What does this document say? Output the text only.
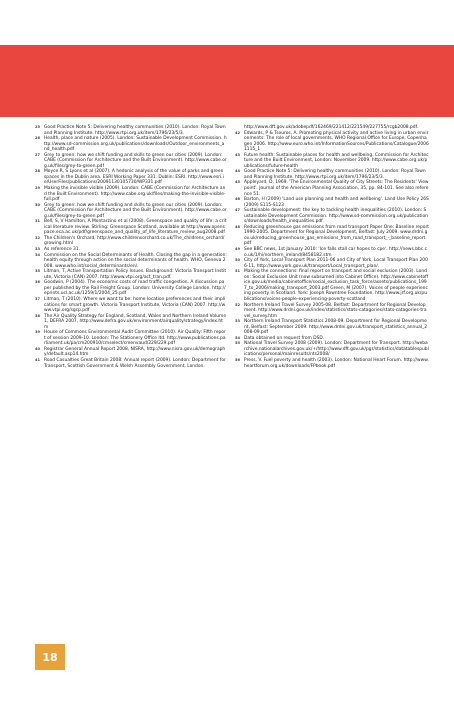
25 Good Practice Note 5: Delivering healthy communities (2010). London: Royal Town and Planning Institute. http://www.rtpi.org.uk/item/1796/23/5/3.
26 Health, place and nature (2005). London: Sustainable Development Commission. http://www.sd-commission.org.uk/publications/downloads/Outdoor_environments_and_health.pdf
27 Grey to green: how we shift funding and skills to green our cities (2009). London: CABE (Commission for Architecture and the Built Environment). http://www.cabe.org.uk/files/grey-to-green.pdf
28 Moyce R, S Lyons et al (2007). A hedonic analysis of the value of parks and green spaces in the Dublin area. ESRI Working Paper 331. Dublin: ESRI. http://www.esri.ie/UserFiles/publications/20091130105730/WP331.pdf
29 Making the invisible visible (2009). London: CABE (Commission for Architecture and the Built Environment). http://www.cabe.org.uk/files/making-the-invisible-visible-full.pdf
30 Grey to green: how we shift funding and skills to green our cities (2009). London: CABE (Commission for Architecture and the Built Environment). http://www.cabe.org.uk/files/grey-to-green.pdf
31 Bell, S, V Hamilton, A Montarzino et al (2008). Greenspace and quality of life: a critical literature review. Stirling: Greenspace Scotland, available at http://www.openspace.eca.ac.uk/pdf/greenspace_and_quality_of_life_literature_review_aug2008.pdf
32 The Children's Orchard, http://www.childrensorchard.co.uk/The_childrens_orchard/growing.html
33 As reference 31.
34 Commission on the Social Determinants of Health. Closing the gap in a generation: health equity through action on the social determinants of health. WHO, Geneva 2008. www.who.int/social_determinants/en/.
35 Litman, T, Active Transportation Policy Issues. Background: Victoria Transport Institute, Victoria (CAN) 2007. http://www.vtpi.org/act_tran.pdf.
36 Goodwin, P (2004). The economic costs of road traffic congestion. A discussion paper published by the Rail Freight Group. London: University College London. http://eprints.ucl.ac.uk/1259/1/2004_25.pdf
37 Litman, T (2010). Where we want to be: home location preferences and their implications for smart growth. Victoria Transport Institute, Victoria (CAN) 2007. http://www.vtpi.org/sgcp.pdf
38 The Air Quality Strategy for England, Scotland, Wales and Northern Ireland Volume 1, DEFRA 2007, http://www.defra.gov.uk/environment/airquality/strategy/index.htm
39 House of Commons Environmental Audit Committee (2010). Air Quality: Fifth report of session 2009-10. London: The Stationery Office ltd. http://www.publications.parliament.uk/pa/cm200910/cmselect/cmenvaud/229/229.pdf
40 Registrar General Annual Report 2008, NISRA, http://www.nisra.gov.uk/demography/default.asp14.htm
41 Road Casualties Great Britain 2008: Annual report (2009). London: Department for Transport, Scottish Government & Welsh Assembly Government, London.
http://www.dft.gov.uk/adobepdf/162469/221412/221549/227755/rcgb2008.pdf.
42 Edwards, P & Tsouros, A. Promoting physical activity and active living in urban environments: The role of local governments. WHO Regional Office for Europe, Copenhagen 2006. http://www.euro.who.int/InformationSources/Publications/Catalogue/20061115_1
43 Future health: Sustainable places for health and wellbeing. Commission for Architecture and the Built Environment, London: November 2009. http://www.cabe.org.uk/publications/future-health
44 Good Practice Note 5: Delivering healthy communities (2010). London: Royal Town and Planning Institute. http://www.rtpi.org.uk/item/1796/23/5/3.
45 Appleyard, D, 1969. 'The Environmental Quality of City Streets: The Residents' Viewpoint'. Journal of the American Planning Association, 35, pp. 84-101. See also reference 51.
46 Barton, H (2009) 'Land use planning and health and wellbeing'. Land Use Policy 26S (2009) S115-S123
47 Sustainable development: the key to tackling health inequalities (2010). London: Sustainable Development Commission. http://www.sd-commission.org.uk/publications/downloads/health_inequalities.pdf.
48 Reducing greenhouse gas emissions from road transport Paper One: Baseline report 1990-2005. Department for Regional Development, Belfast: July 2009. www.drdni.gov.uk/reducing_greenhouse_gas_emissions_from_road_transport_-_baseline_report.pdf
49 See BBC news, 1st January 2010: 'Ice falls stall car hopes to cpe'. http://news.bbc.co.uk/1/hi/northern_ireland/8458182.stm
50 City of York, Local Transport Plan 2011-06 and City of York, Local Transport Plan 2006-11, http://www.york.gov.uk/transport/Local_transport_plan/.
51 Making the connections: final report on transport and social exclusion (2003). London: Social Exclusion Unit (now subsumed into Cabinet Office). http://www.cabinetoffice.gov.uk/media/cabinetoffice/social_exclusion_task_force/assets/publications_1997_to_2006/making_transport_2003.pdf Green, M (2007). Voices of people experiencing poverty in Scotland. York: Joseph Rowntree Foundation. http://www.jrf.org.uk/publications/voices-people-experiencing-poverty-scotland
52 Northern Ireland Travel Survey 2005-08. Belfast: Department for Regional Development. http://www.drdni.gov.uk/index/statistics/stats-catagories/stats-catagories-travel_survey.htm
53 Northern Ireland Transport Statistics 2008-09. Department for Regional Development, Belfast: September 2009. http://www.drdni.gov.uk/transport_statistics_annual_2008-09.pdf
54 Data obtained on request from DSD.
55 National Travel Survey 2008 (2009). London: Department for Transport. http://webarchive.nationalarchives.gov.uk/+/http://www.dft.gov.uk/pgr/statistics/datatablespublications/personal/mainresults/nts2008/
56 Press, V. Fuel poverty and health (2003). London: National Heart Forum. http://www.heartforum.org.uk/downloads/FPbook.pdf
18
